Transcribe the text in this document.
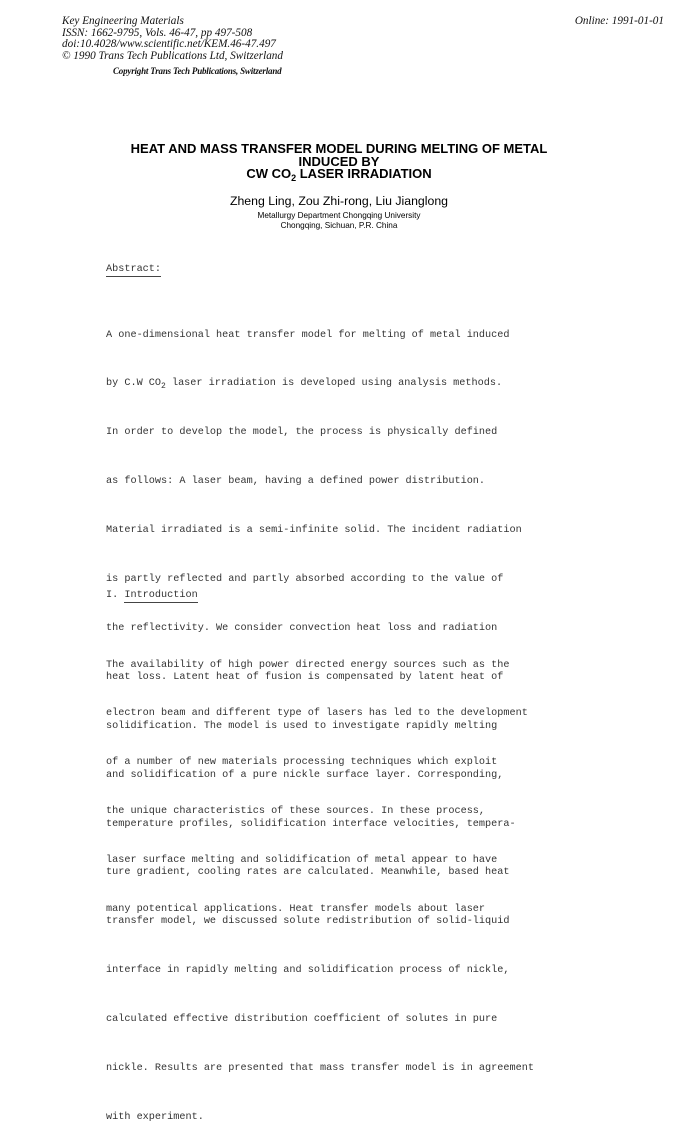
Key Engineering Materials
ISSN: 1662-9795, Vols. 46-47, pp 497-508
doi:10.4028/www.scientific.net/KEM.46-47.497
© 1990 Trans Tech Publications Ltd, Switzerland
Copyright Trans Tech Publications, Switzerland
Online: 1991-01-01
HEAT AND MASS TRANSFER MODEL DURING MELTING OF METAL
INDUCED BY
CW $CO_2$ LASER IRRADIATION
Zheng Ling, Zou Zhi-rong, Liu Jianglong
Metallurgy Department Chongqing University
Chongqing, Sichuan, P.R. China
Abstract:

A one-dimensional heat transfer model for melting of metal induced

by C.W $CO_2$ laser irradiation is developed using analysis methods.

In order to develop the model, the process is physically defined

as follows: A laser beam, having a defined power distribution.

Material irradiated is a semi-infinite solid. The incident radiation

is partly reflected and partly absorbed according to the value of

the reflectivity. We consider convection heat loss and radiation

heat loss. Latent heat of fusion is compensated by latent heat of

solidification. The model is used to investigate rapidly melting

and solidification of a pure nickle surface layer. Corresponding,

temperature profiles, solidification interface velocities, tempera-

ture gradient, cooling rates are calculated. Meanwhile, based heat

transfer model, we discussed solute redistribution of solid-liquid

interface in rapidly melting and solidification process of nickle,

calculated effective distribution coefficient of solutes in pure

nickle. Results are presented that mass transfer model is in agreement

with experiment.

I. Introduction

The availability of high power directed energy sources such as the

electron beam and different type of lasers has led to the development

of a number of new materials processing techniques which exploit

the unique characteristics of these sources. In these process,

laser surface melting and solidification of metal appear to have

many potentical applications. Heat transfer models about laser
